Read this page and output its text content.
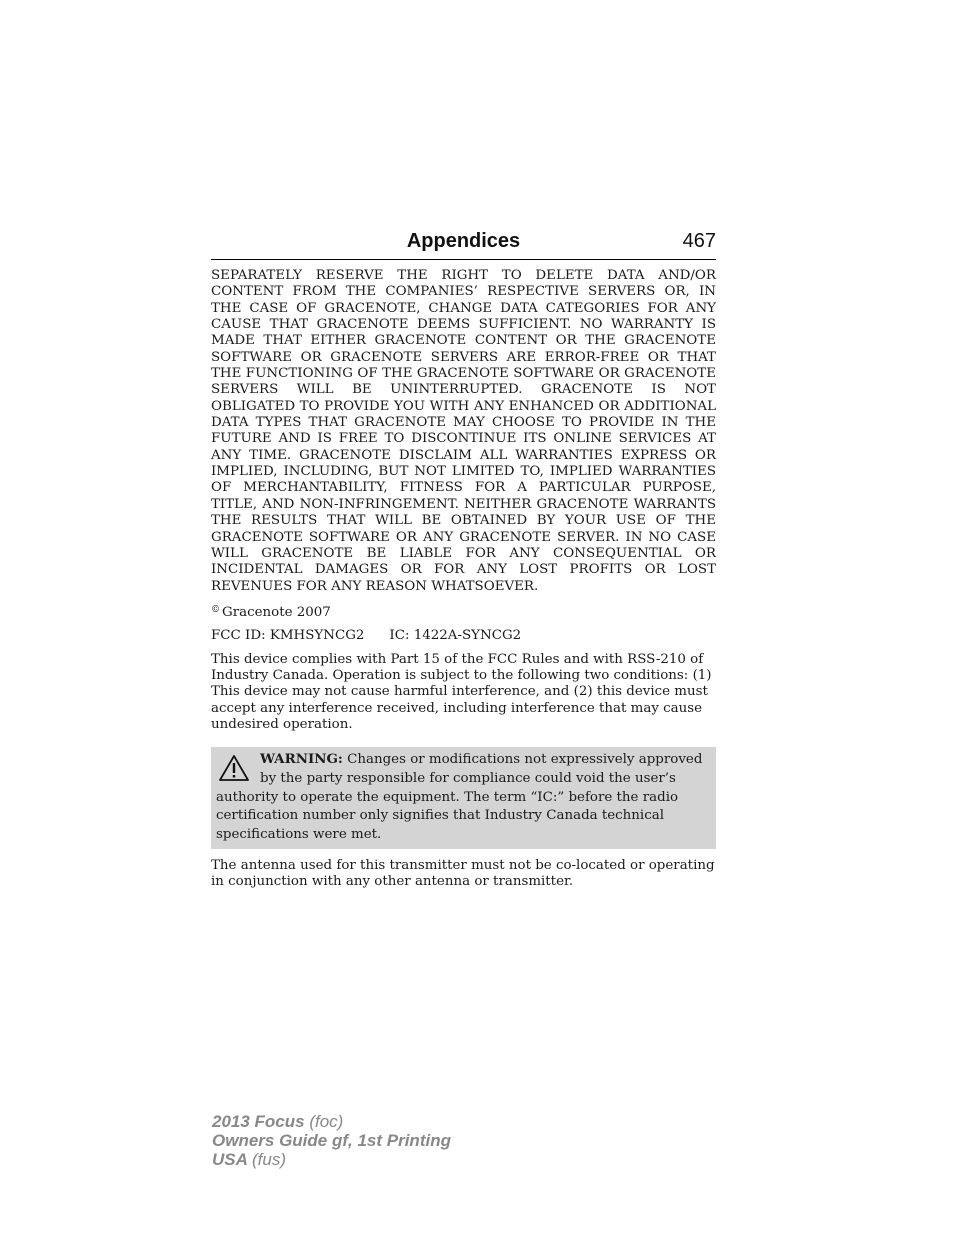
Appendices	467

SEPARATELY RESERVE THE RIGHT TO DELETE DATA AND/OR CONTENT FROM THE COMPANIES’ RESPECTIVE SERVERS OR, IN THE CASE OF GRACENOTE, CHANGE DATA CATEGORIES FOR ANY CAUSE THAT GRACENOTE DEEMS SUFFICIENT. NO WARRANTY IS MADE THAT EITHER GRACENOTE CONTENT OR THE GRACENOTE SOFTWARE OR GRACENOTE SERVERS ARE ERROR-FREE OR THAT THE FUNCTIONING OF THE GRACENOTE SOFTWARE OR GRACENOTE SERVERS WILL BE UNINTERRUPTED. GRACENOTE IS NOT OBLIGATED TO PROVIDE YOU WITH ANY ENHANCED OR ADDITIONAL DATA TYPES THAT GRACENOTE MAY CHOOSE TO PROVIDE IN THE FUTURE AND IS FREE TO DISCONTINUE ITS ONLINE SERVICES AT ANY TIME. GRACENOTE DISCLAIM ALL WARRANTIES EXPRESS OR IMPLIED, INCLUDING, BUT NOT LIMITED TO, IMPLIED WARRANTIES OF MERCHANTABILITY, FITNESS FOR A PARTICULAR PURPOSE, TITLE, AND NON-INFRINGEMENT. NEITHER GRACENOTE WARRANTS THE RESULTS THAT WILL BE OBTAINED BY YOUR USE OF THE GRACENOTE SOFTWARE OR ANY GRACENOTE SERVER. IN NO CASE WILL GRACENOTE BE LIABLE FOR ANY CONSEQUENTIAL OR INCIDENTAL DAMAGES OR FOR ANY LOST PROFITS OR LOST REVENUES FOR ANY REASON WHATSOEVER.

© Gracenote 2007

FCC ID: KMHSYNCG2 IC: 1422A-SYNCG2

This device complies with Part 15 of the FCC Rules and with RSS-210 of Industry Canada. Operation is subject to the following two conditions: (1) This device may not cause harmful interference, and (2) this device must accept any interference received, including interference that may cause undesired operation.

WARNING: Changes or modifications not expressively approved by the party responsible for compliance could void the user’s authority to operate the equipment. The term “IC:” before the radio certification number only signifies that Industry Canada technical specifications were met.

The antenna used for this transmitter must not be co-located or operating in conjunction with any other antenna or transmitter.

2013 Focus (foc)
Owners Guide gf, 1st Printing
USA (fus)
